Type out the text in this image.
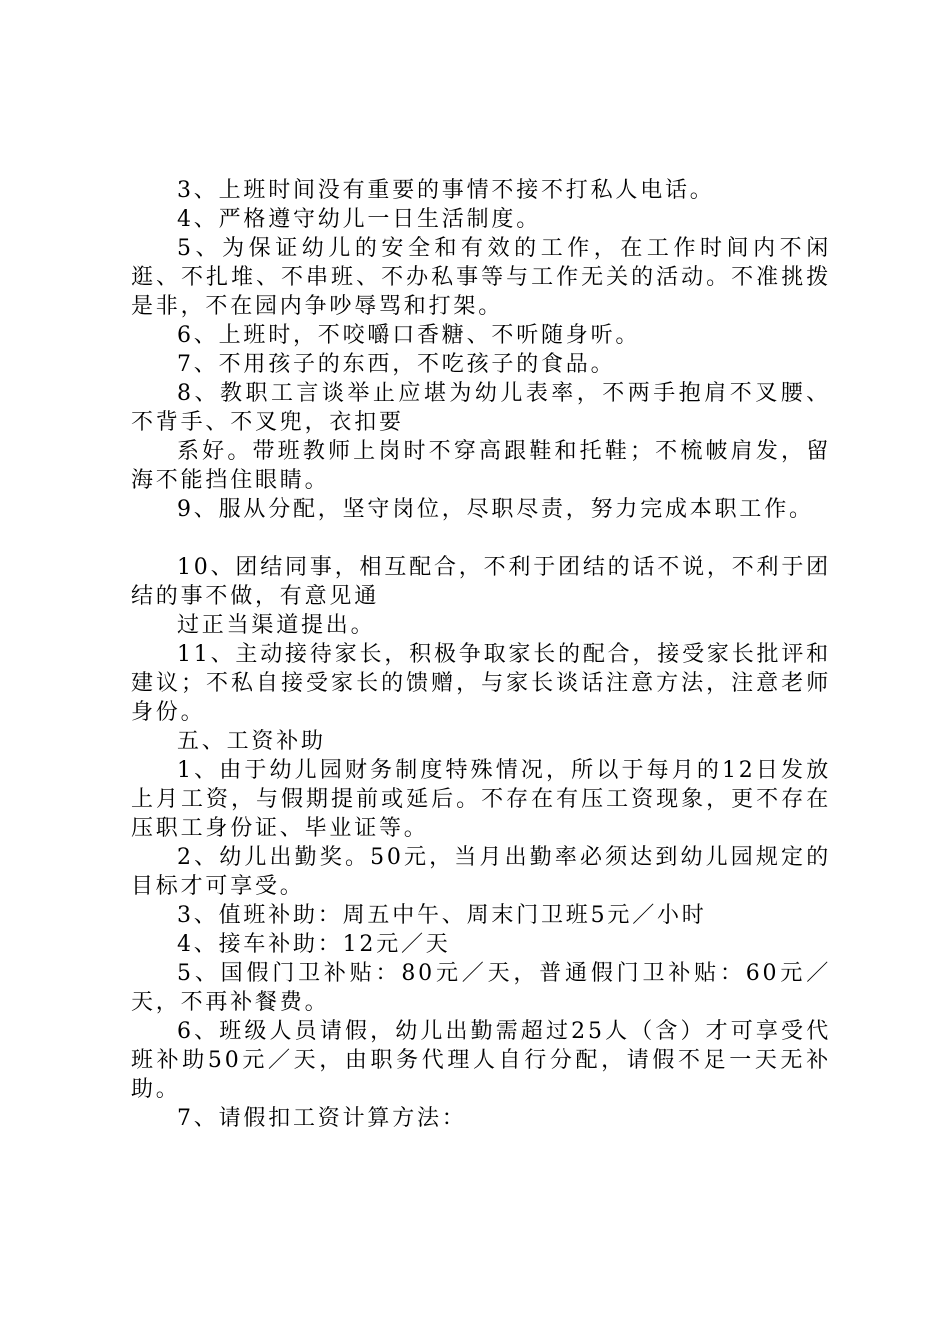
3、上班时间没有重要的事情不接不打私人电话。

4、严格遵守幼儿一日生活制度。

5、为保证幼儿的安全和有效的工作，在工作时间内不闲逛、不扎堆、不串班、不办私事等与工作无关的活动。不准挑拨是非，不在园内争吵辱骂和打架。

6、上班时，不咬嚼口香糖、不听随身听。

7、不用孩子的东西，不吃孩子的食品。

8、教职工言谈举止应堪为幼儿表率，不两手抱肩不叉腰、不背手、不叉兜，衣扣要

系好。带班教师上岗时不穿高跟鞋和托鞋；不梳帔肩发，留海不能挡住眼睛。

9、服从分配，坚守岗位，尽职尽责，努力完成本职工作。

10、团结同事，相互配合，不利于团结的话不说，不利于团结的事不做，有意见通

过正当渠道提出。

11、主动接待家长，积极争取家长的配合，接受家长批评和建议；不私自接受家长的馈赠，与家长谈话注意方法，注意老师身份。

五、工资补助

1、由于幼儿园财务制度特殊情况，所以于每月的12日发放上月工资，与假期提前或延后。不存在有压工资现象，更不存在压职工身份证、毕业证等。

2、幼儿出勤奖。50元，当月出勤率必须达到幼儿园规定的目标才可享受。

3、值班补助：周五中午、周末门卫班5元／小时

4、接车补助：12元／天

5、国假门卫补贴：80元／天，普通假门卫补贴：60元／天，不再补餐费。

6、班级人员请假，幼儿出勤需超过25人（含）才可享受代班补助50元／天，由职务代理人自行分配，请假不足一天无补助。

7、请假扣工资计算方法：
